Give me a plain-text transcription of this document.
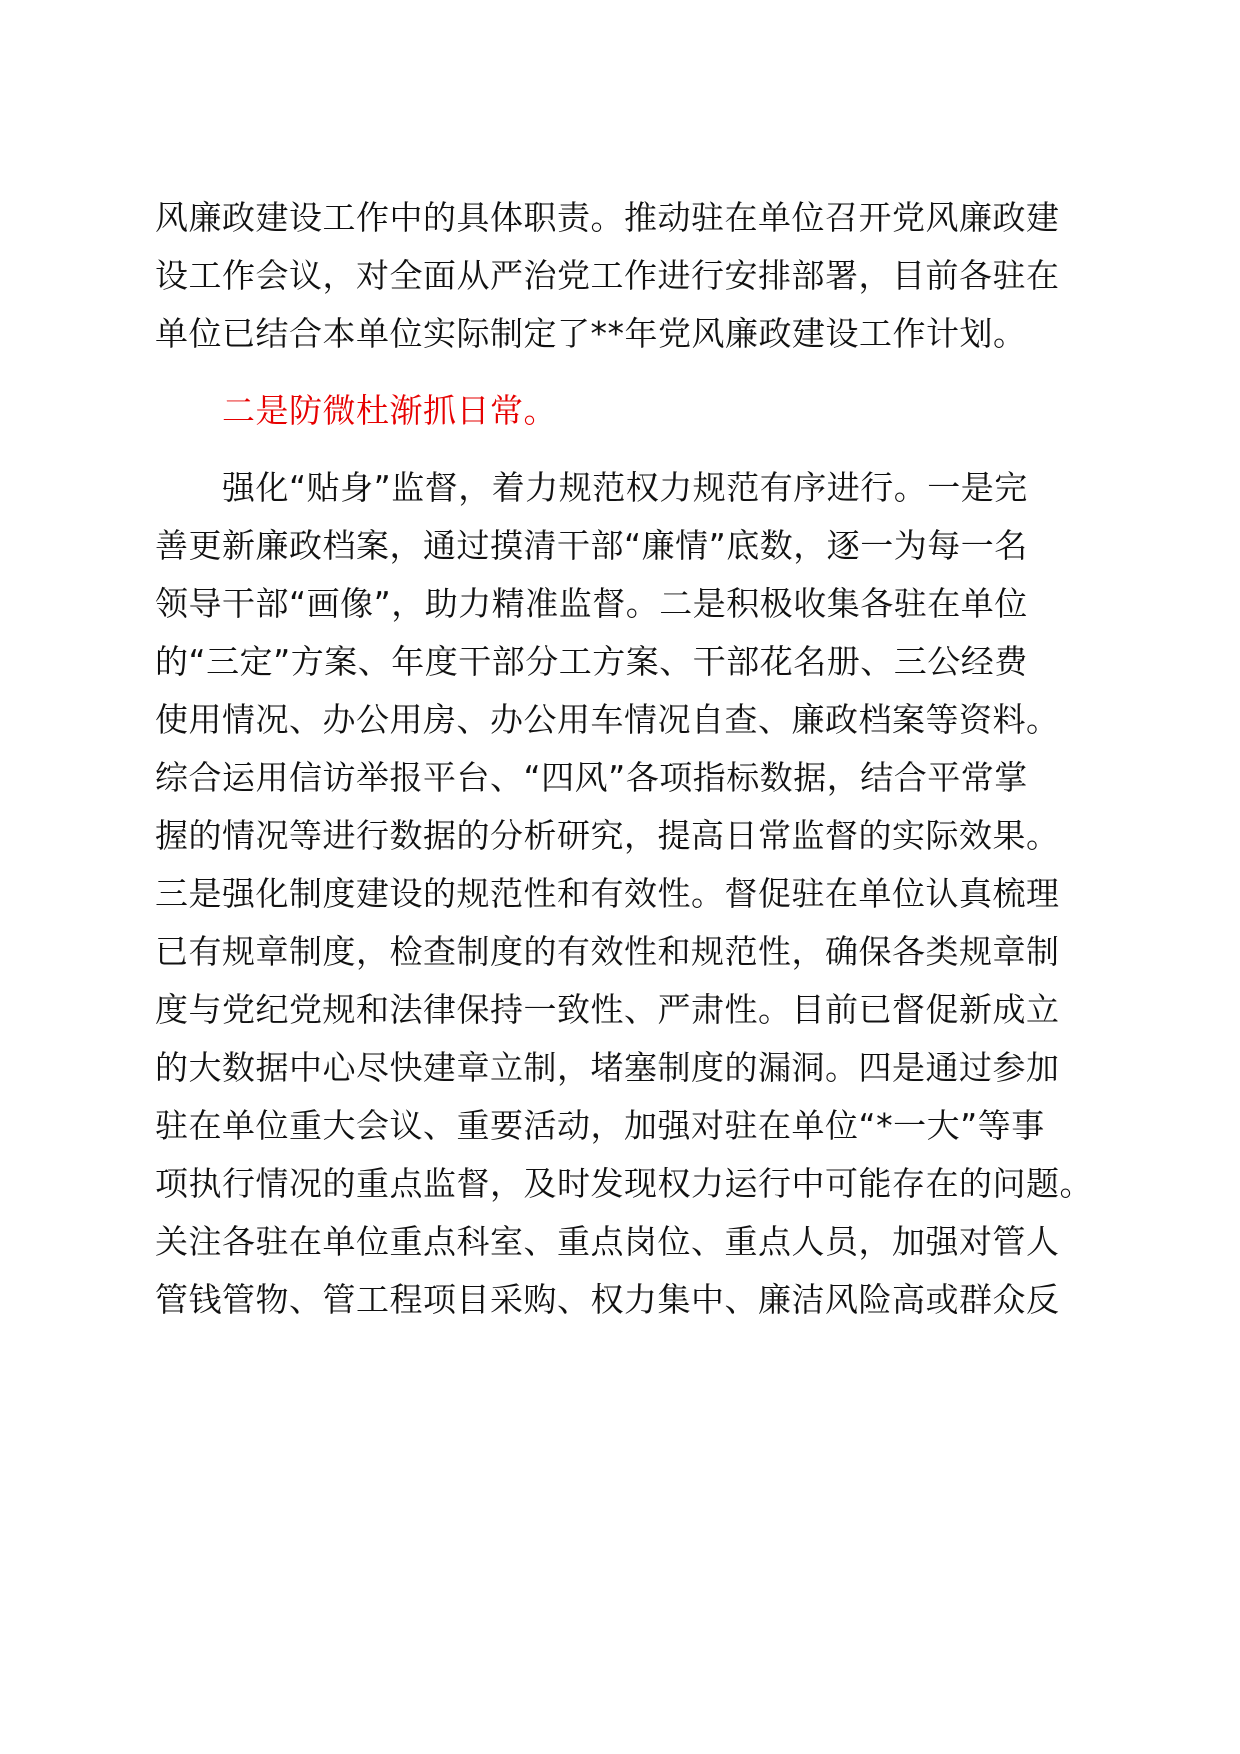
风廉政建设工作中的具体职责。推动驻在单位召开党风廉政建
设工作会议，对全面从严治党工作进行安排部署，目前各驻在
单位已结合本单位实际制定了**年党风廉政建设工作计划。
二是防微杜渐抓日常。
强化“贴身”监督，着力规范权力规范有序进行。一是完
善更新廉政档案，通过摸清干部“廉情”底数，逐一为每一名
领导干部“画像”，助力精准监督。二是积极收集各驻在单位
的“三定”方案、年度干部分工方案、干部花名册、三公经费
使用情况、办公用房、办公用车情况自查、廉政档案等资料。
综合运用信访举报平台、“四风”各项指标数据，结合平常掌
握的情况等进行数据的分析研究，提高日常监督的实际效果。
三是强化制度建设的规范性和有效性。督促驻在单位认真梳理
已有规章制度，检查制度的有效性和规范性，确保各类规章制
度与党纪党规和法律保持一致性、严肃性。目前已督促新成立
的大数据中心尽快建章立制，堵塞制度的漏洞。四是通过参加
驻在单位重大会议、重要活动，加强对驻在单位“*一大”等事
项执行情况的重点监督，及时发现权力运行中可能存在的问题。
关注各驻在单位重点科室、重点岗位、重点人员，加强对管人
管钱管物、管工程项目采购、权力集中、廉洁风险高或群众反
